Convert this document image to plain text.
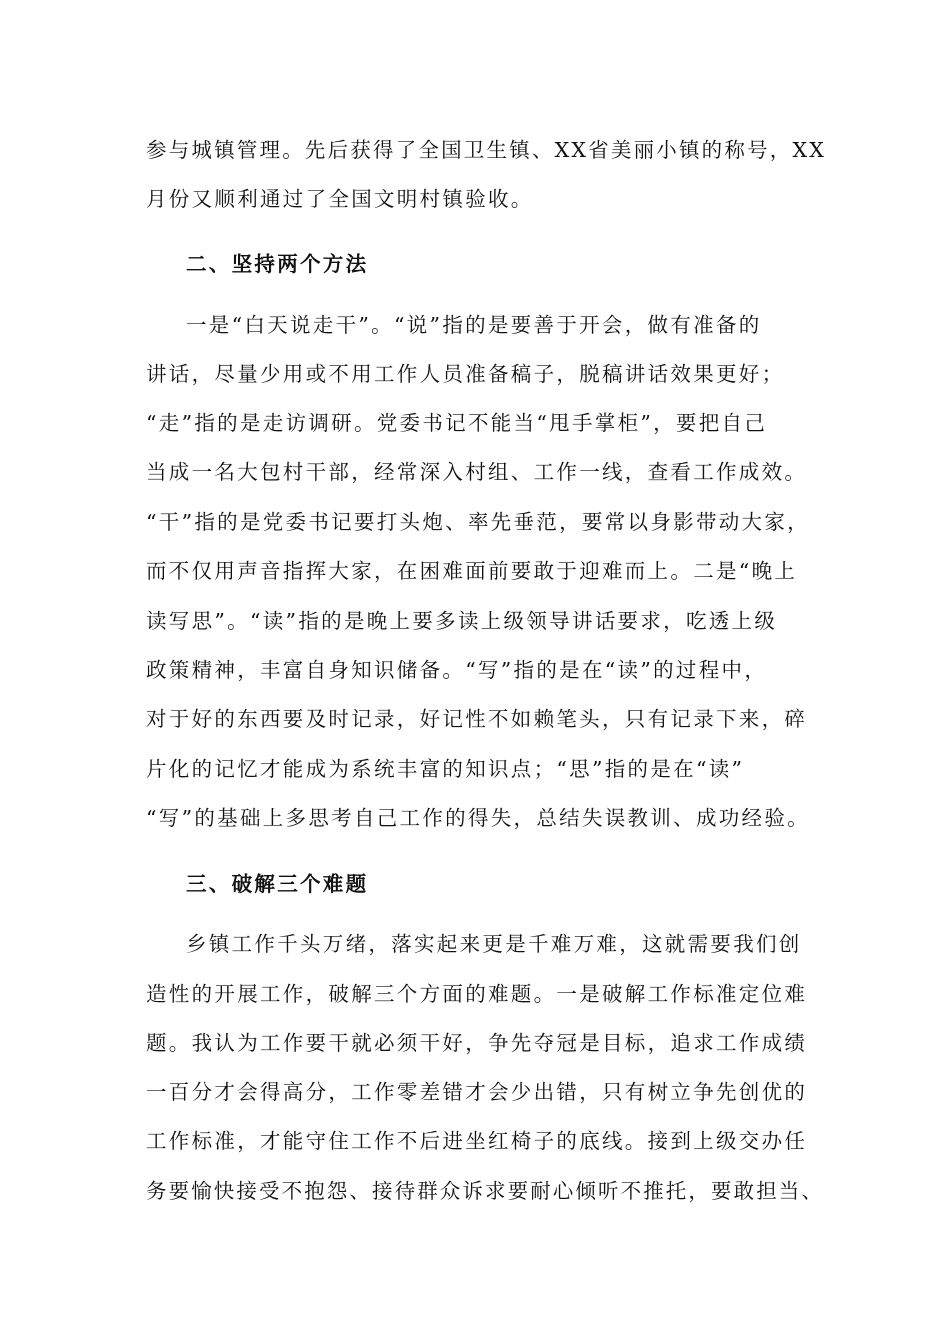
参与城镇管理。先后获得了全国卫生镇、XX省美丽小镇的称号，XX
月份又顺利通过了全国文明村镇验收。
二、坚持两个方法
一是“白天说走干”。“说”指的是要善于开会，做有准备的
讲话，尽量少用或不用工作人员准备稿子，脱稿讲话效果更好；
“走”指的是走访调研。党委书记不能当“甩手掌柜”，要把自己
当成一名大包村干部，经常深入村组、工作一线，查看工作成效。
“干”指的是党委书记要打头炮、率先垂范，要常以身影带动大家，
而不仅用声音指挥大家，在困难面前要敢于迎难而上。二是“晚上
读写思”。“读”指的是晚上要多读上级领导讲话要求，吃透上级
政策精神，丰富自身知识储备。“写”指的是在“读”的过程中，
对于好的东西要及时记录，好记性不如赖笔头，只有记录下来，碎
片化的记忆才能成为系统丰富的知识点；“思”指的是在“读”
“写”的基础上多思考自己工作的得失，总结失误教训、成功经验。
三、破解三个难题
乡镇工作千头万绪，落实起来更是千难万难，这就需要我们创
造性的开展工作，破解三个方面的难题。一是破解工作标准定位难
题。我认为工作要干就必须干好，争先夺冠是目标，追求工作成绩
一百分才会得高分，工作零差错才会少出错，只有树立争先创优的
工作标准，才能守住工作不后进坐红椅子的底线。接到上级交办任
务要愉快接受不抱怨、接待群众诉求要耐心倾听不推托，要敢担当、
